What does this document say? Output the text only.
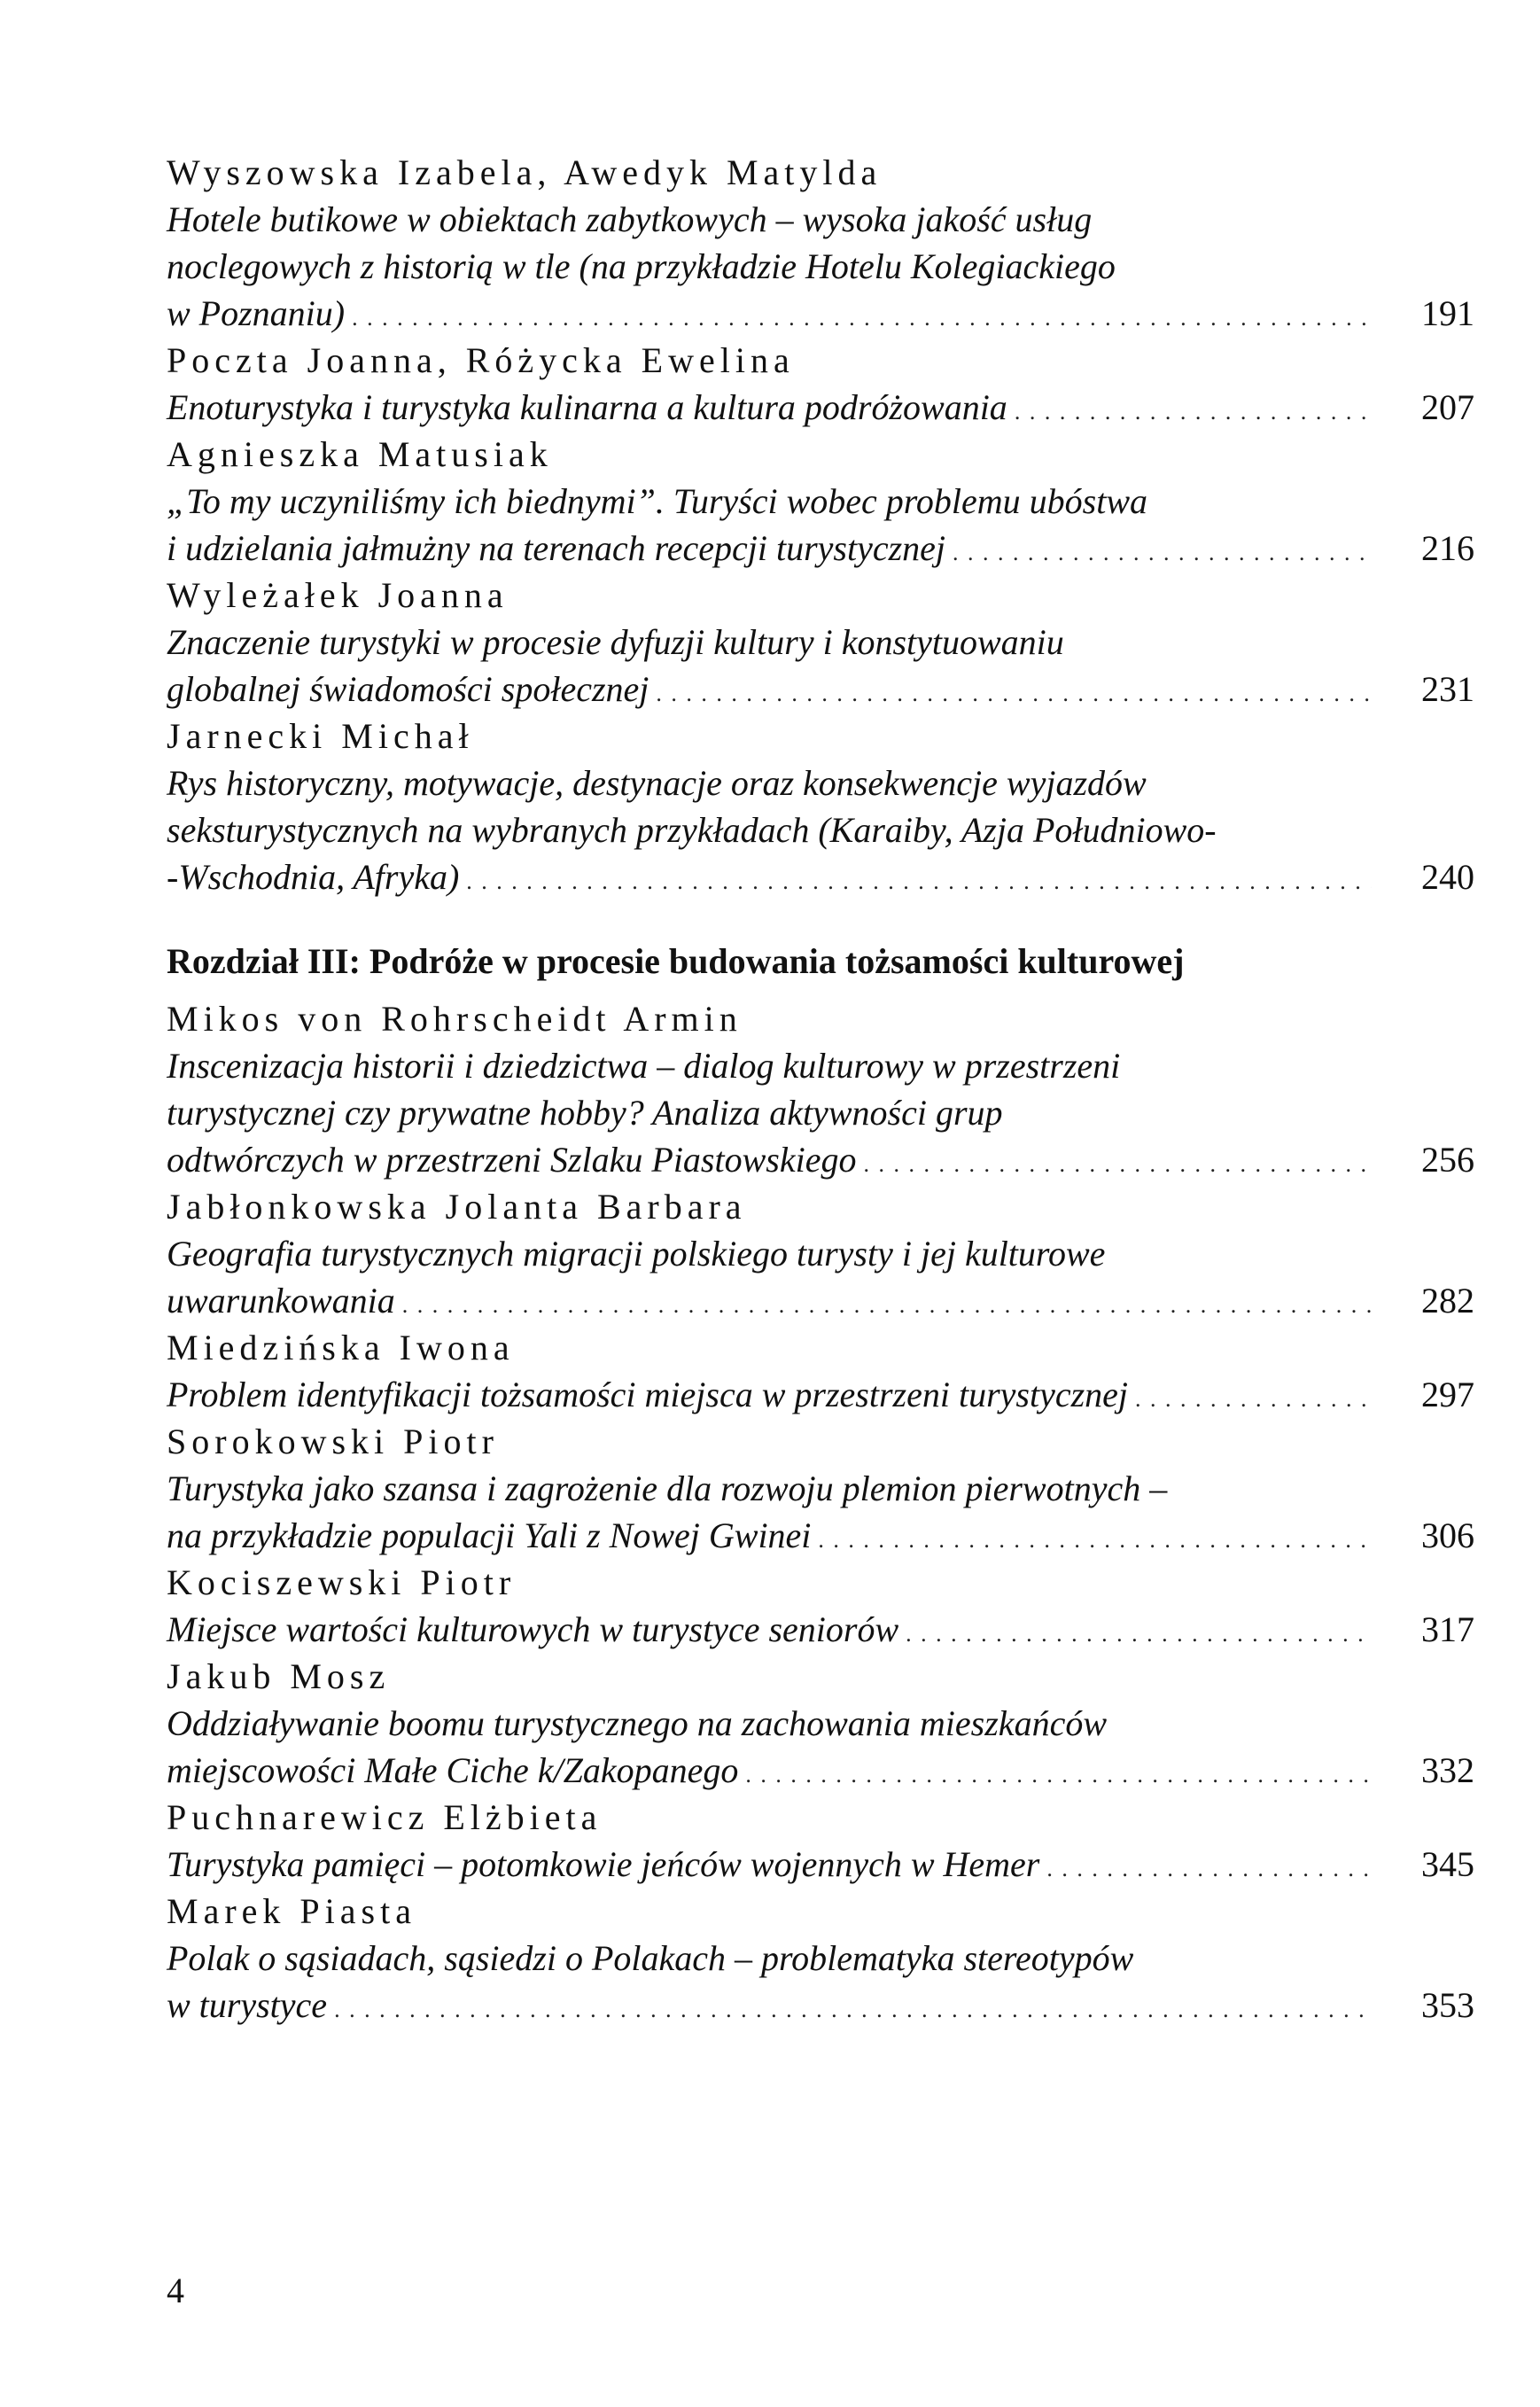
Wyszowska Izabela, Awedyk Matylda
Hotele butikowe w obiektach zabytkowych – wysoka jakość usług
noclegowych z historią w tle (na przykładzie Hotelu Kolegiackiego
w Poznaniu) . . .	191
Poczta Joanna, Różycka Ewelina
Enoturystyka i turystyka kulinarna a kultura podróżowania . . .	207
Agnieszka Matusiak
„To my uczyniliśmy ich biednymi”. Turyści wobec problemu ubóstwa
i udzielania jałmużny na terenach recepcji turystycznej . . .	216
Wyleżałek Joanna
Znaczenie turystyki w procesie dyfuzji kultury i konstytuowaniu
globalnej świadomości społecznej . . .	231
Jarnecki Michał
Rys historyczny, motywacje, destynacje oraz konsekwencje wyjazdów
seksturystycznych na wybranych przykładach (Karaiby, Azja Południowo-
-Wschodnia, Afryka) . . .	240
Rozdział III: Podróże w procesie budowania tożsamości kulturowej
Mikos von Rohrscheidt Armin
Inscenizacja historii i dziedzictwa – dialog kulturowy w przestrzeni
turystycznej czy prywatne hobby? Analiza aktywności grup
odtwórczych w przestrzeni Szlaku Piastowskiego . . .	256
Jabłonkowska Jolanta Barbara
Geografia turystycznych migracji polskiego turysty i jej kulturowe
uwarunkowania . . .	282
Miedzińska Iwona
Problem identyfikacji tożsamości miejsca w przestrzeni turystycznej . . .	297
Sorokowski Piotr
Turystyka jako szansa i zagrożenie dla rozwoju plemion pierwotnych –
na przykładzie populacji Yali z Nowej Gwinei . . .	306
Kociszewski Piotr
Miejsce wartości kulturowych w turystyce seniorów . . .	317
Jakub Mosz
Oddziaływanie boomu turystycznego na zachowania mieszkańców
miejscowości Małe Ciche k/Zakopanego . . .	332
Puchnarewicz Elżbieta
Turystyka pamięci – potomkowie jeńców wojennych w Hemer . . .	345
Marek Piasta
Polak o sąsiadach, sąsiedzi o Polakach – problematyka stereotypów
w turystyce . . .	353
4
